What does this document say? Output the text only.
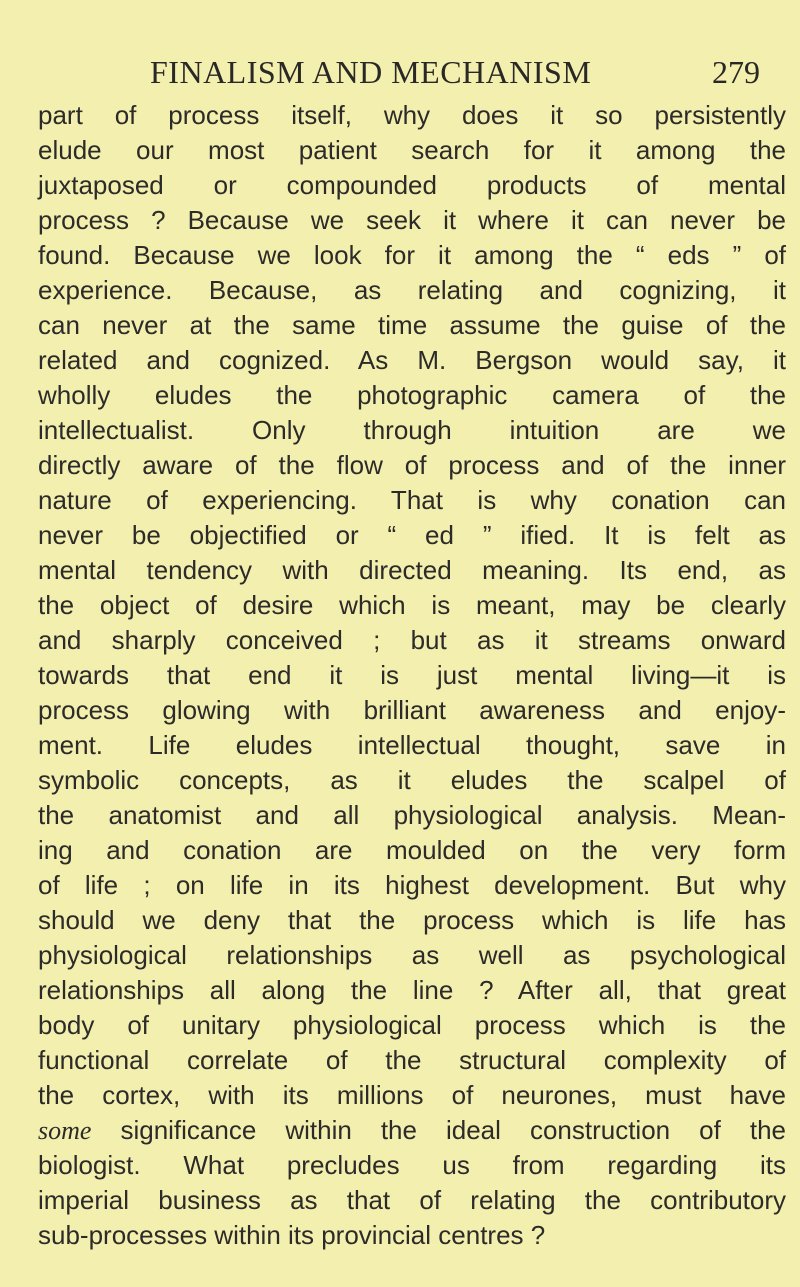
FINALISM AND MECHANISM	279
part of process itself, why does it so persistently
elude our most patient search for it among the
juxtaposed or compounded products of mental
process ? Because we seek it where it can never be
found. Because we look for it among the “ eds ” of
experience. Because, as relating and cognizing, it
can never at the same time assume the guise of the
related and cognized. As M. Bergson would say, it
wholly eludes the photographic camera of the
intellectualist. Only through intuition are we
directly aware of the flow of process and of the inner
nature of experiencing. That is why conation can
never be objectified or “ ed ” ified. It is felt as
mental tendency with directed meaning. Its end, as
the object of desire which is meant, may be clearly
and sharply conceived ; but as it streams onward
towards that end it is just mental living—it is
process glowing with brilliant awareness and enjoy-
ment. Life eludes intellectual thought, save in
symbolic concepts, as it eludes the scalpel of
the anatomist and all physiological analysis. Mean-
ing and conation are moulded on the very form
of life ; on life in its highest development. But why
should we deny that the process which is life has
physiological relationships as well as psychological
relationships all along the line ? After all, that great
body of unitary physiological process which is the
functional correlate of the structural complexity of
the cortex, with its millions of neurones, must have
some significance within the ideal construction of the
biologist. What precludes us from regarding its
imperial business as that of relating the contributory
sub-processes within its provincial centres ?
